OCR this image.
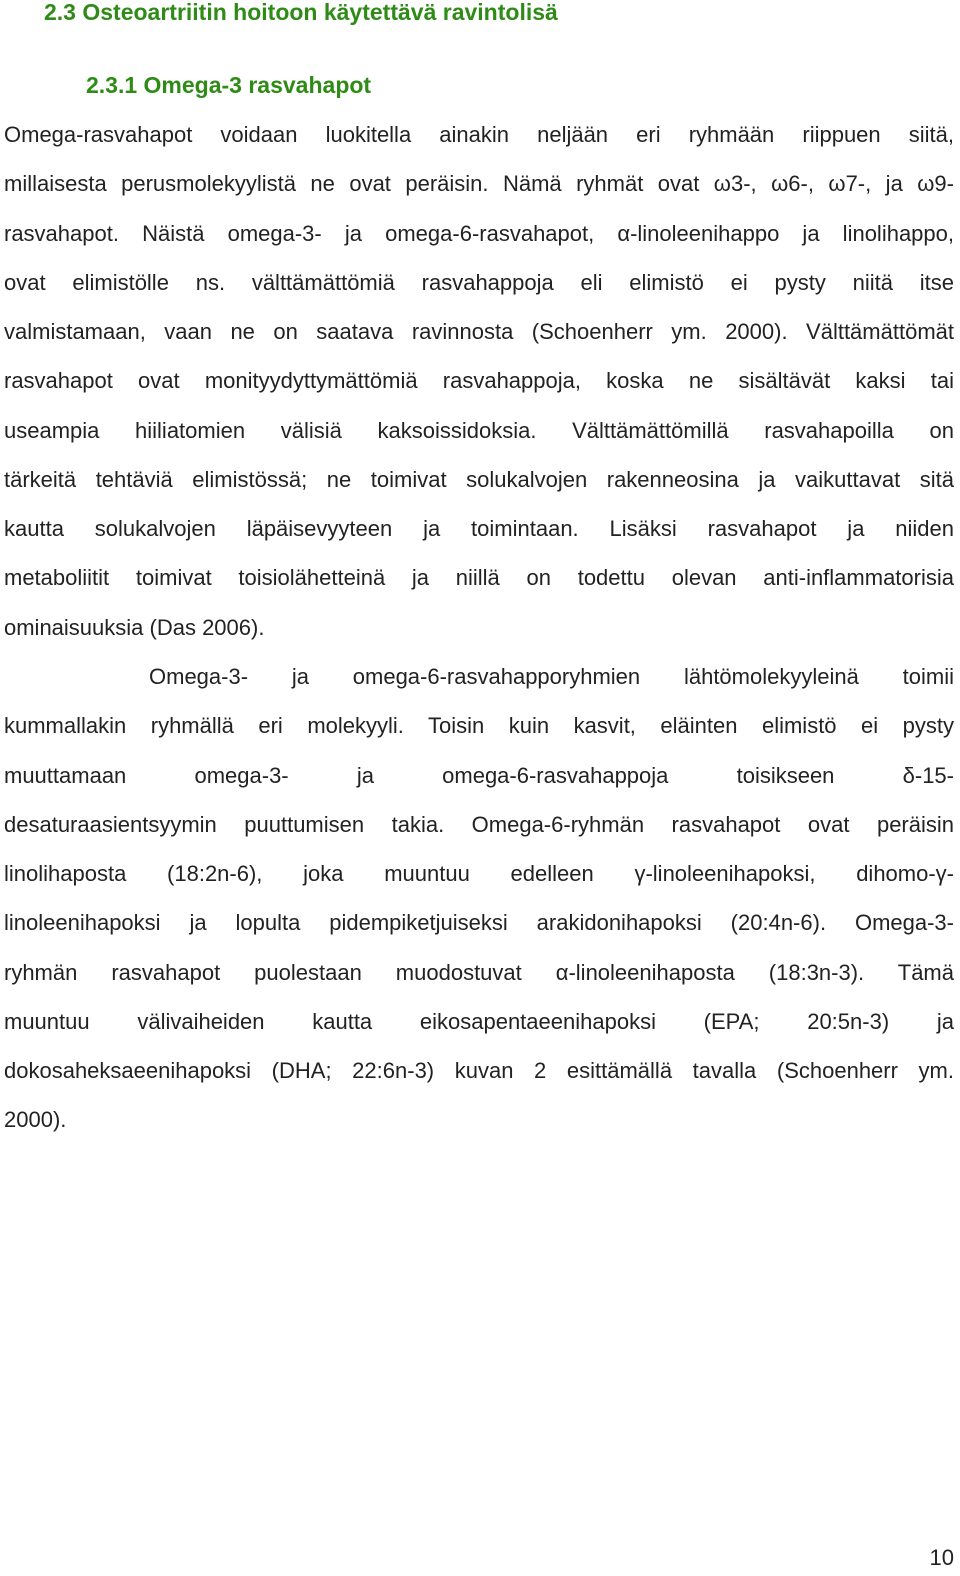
2.3 Osteoartriitin hoitoon käytettävä ravintolisä
2.3.1 Omega-3 rasvahapot
Omega-rasvahapot voidaan luokitella ainakin neljään eri ryhmään riippuen siitä,
millaisesta perusmolekyylistä ne ovat peräisin. Nämä ryhmät ovat ω3-, ω6-, ω7-, ja ω9-
rasvahapot. Näistä omega-3- ja omega-6-rasvahapot, α-linoleenihappo ja linolihappo,
ovat elimistölle ns. välttämättömiä rasvahappoja eli elimistö ei pysty niitä itse
valmistamaan, vaan ne on saatava ravinnosta (Schoenherr ym. 2000). Välttämättömät
rasvahapot ovat monityydyttymättömiä rasvahappoja, koska ne sisältävät kaksi tai
useampia hiiliatomien välisiä kaksoissidoksia. Välttämättömillä rasvahapoilla on
tärkeitä tehtäviä elimistössä; ne toimivat solukalvojen rakenneosina ja vaikuttavat sitä
kautta solukalvojen läpäisevyyteen ja toimintaan. Lisäksi rasvahapot ja niiden
metaboliitit toimivat toisiolähetteinä ja niillä on todettu olevan anti-inflammatorisia
ominaisuuksia (Das 2006).
Omega-3- ja omega-6-rasvahapporyhmien lähtömolekyyleinä toimii
kummallakin ryhmällä eri molekyyli. Toisin kuin kasvit, eläinten elimistö ei pysty
muuttamaan omega-3- ja omega-6-rasvahappoja toisikseen δ-15-
desaturaasientsyymin puuttumisen takia. Omega-6-ryhmän rasvahapot ovat peräisin
linolihaposta (18:2n-6), joka muuntuu edelleen γ-linoleenihapoksi, dihomo-γ-
linoleenihapoksi ja lopulta pidempiketjuiseksi arakidonihapoksi (20:4n-6). Omega-3-
ryhmän rasvahapot puolestaan muodostuvat α-linoleenihaposta (18:3n-3). Tämä
muuntuu välivaiheiden kautta eikosapentaeenihapoksi (EPA; 20:5n-3) ja
dokosaheksaeenihapoksi (DHA; 22:6n-3) kuvan 2 esittämällä tavalla (Schoenherr ym.
2000).
10
